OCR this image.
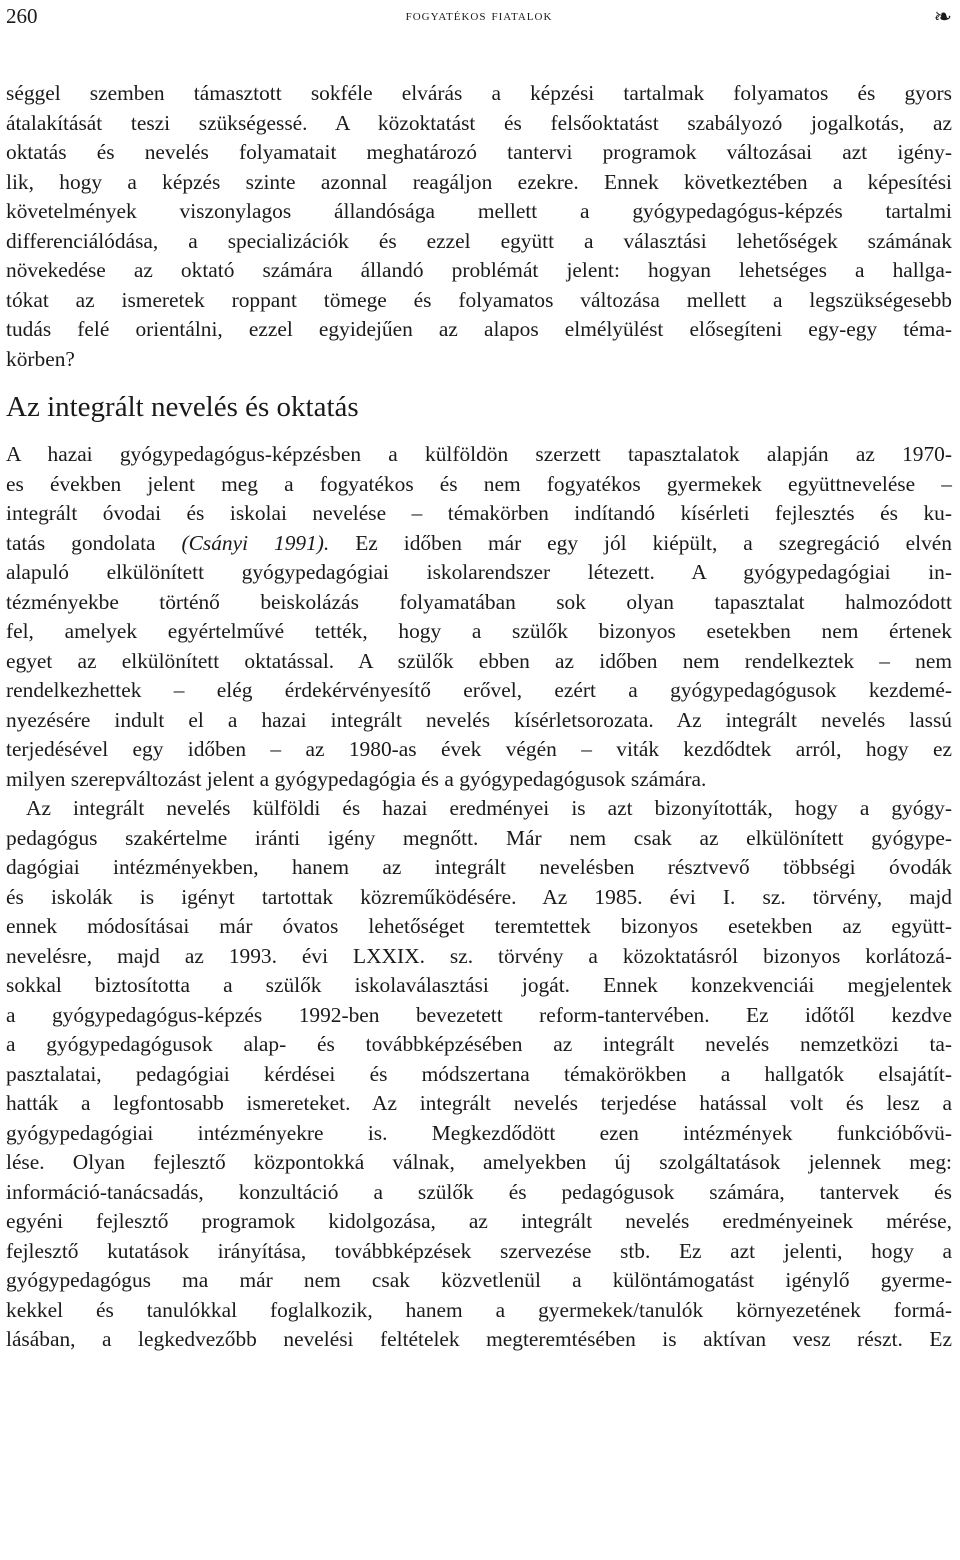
260	fogyatékos fiatalok	❧
séggel szemben támasztott sokféle elvárás a képzési tartalmak folyamatos és gyors
átalakítását teszi szükségessé. A közoktatást és felsőoktatást szabályozó jogalkotás, az
oktatás és nevelés folyamatait meghatározó tantervi programok változásai azt igény-
lik, hogy a képzés szinte azonnal reagáljon ezekre. Ennek következtében a képesítési
követelmények viszonylagos állandósága mellett a gyógypedagógus-képzés tartalmi
differenciálódása, a specializációk és ezzel együtt a választási lehetőségek számának
növekedése az oktató számára állandó problémát jelent: hogyan lehetséges a hallga-
tókat az ismeretek roppant tömege és folyamatos változása mellett a legszükségesebb
tudás felé orientálni, ezzel egyidejűen az alapos elmélyülést elősegíteni egy-egy téma-
körben?
Az integrált nevelés és oktatás
A hazai gyógypedagógus-képzésben a külföldön szerzett tapasztalatok alapján az 1970-
es években jelent meg a fogyatékos és nem fogyatékos gyermekek együttnevelése –
integrált óvodai és iskolai nevelése – témakörben indítandó kísérleti fejlesztés és ku-
tatás gondolata (Csányi 1991). Ez időben már egy jól kiépült, a szegregáció elvén
alapuló elkülönített gyógypedagógiai iskolarendszer létezett. A gyógypedagógiai in-
tézményekbe történő beiskolázás folyamatában sok olyan tapasztalat halmozódott
fel, amelyek egyértelművé tették, hogy a szülők bizonyos esetekben nem értenek
egyet az elkülönített oktatással. A szülők ebben az időben nem rendelkeztek – nem
rendelkezhettek – elég érdekérvényesítő erővel, ezért a gyógypedagógusok kezdemé-
nyezésére indult el a hazai integrált nevelés kísérletsorozata. Az integrált nevelés lassú
terjedésével egy időben – az 1980-as évek végén – viták kezdődtek arról, hogy ez
milyen szerepváltozást jelent a gyógypedagógia és a gyógypedagógusok számára.
Az integrált nevelés külföldi és hazai eredményei is azt bizonyították, hogy a gyógy-
pedagógus szakértelme iránti igény megnőtt. Már nem csak az elkülönített gyógype-
dagógiai intézményekben, hanem az integrált nevelésben résztvevő többségi óvodák
és iskolák is igényt tartottak közreműködésére. Az 1985. évi I. sz. törvény, majd
ennek módosításai már óvatos lehetőséget teremtettek bizonyos esetekben az együtt-
nevelésre, majd az 1993. évi LXXIX. sz. törvény a közoktatásról bizonyos korlátozá-
sokkal biztosította a szülők iskolaválasztási jogát. Ennek konzekvenciái megjelentek
a gyógypedagógus-képzés 1992-ben bevezetett reform-tantervében. Ez időtől kezdve
a gyógypedagógusok alap- és továbbképzésében az integrált nevelés nemzetközi ta-
pasztalatai, pedagógiai kérdései és módszertana témakörökben a hallgatók elsajátít-
hatták a legfontosabb ismereteket. Az integrált nevelés terjedése hatással volt és lesz a
gyógypedagógiai intézményekre is. Megkezdődött ezen intézmények funkcióbővü-
lése. Olyan fejlesztő központokká válnak, amelyekben új szolgáltatások jelennek meg:
információ-tanácsadás, konzultáció a szülők és pedagógusok számára, tantervek és
egyéni fejlesztő programok kidolgozása, az integrált nevelés eredményeinek mérése,
fejlesztő kutatások irányítása, továbbképzések szervezése stb. Ez azt jelenti, hogy a
gyógypedagógus ma már nem csak közvetlenül a különtámogatást igénylő gyerme-
kekkel és tanulókkal foglalkozik, hanem a gyermekek/tanulók környezetének formá-
lásában, a legkedvezőbb nevelési feltételek megteremtésében is aktívan vesz részt. Ez
